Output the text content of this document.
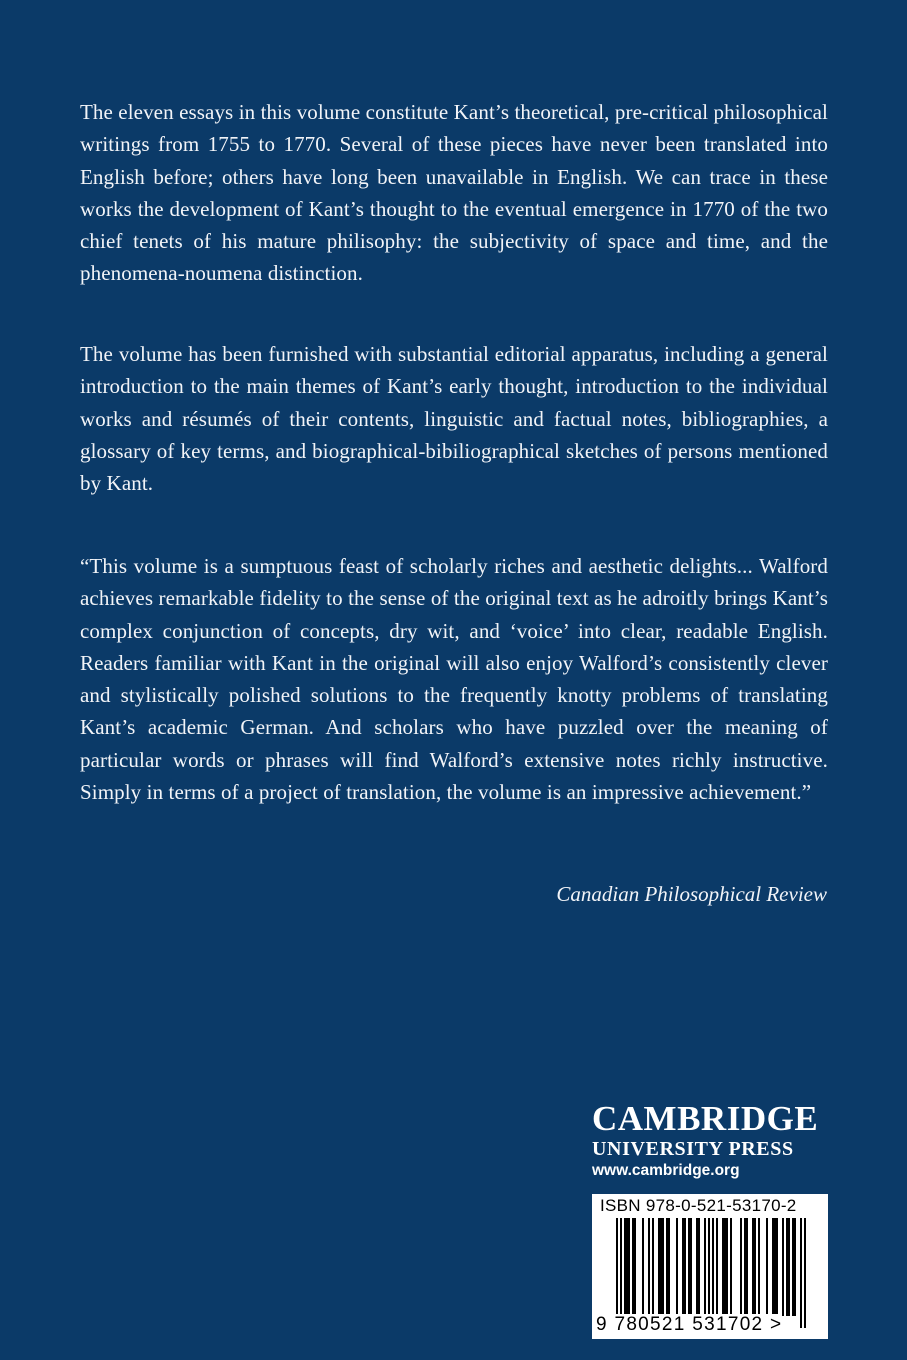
The eleven essays in this volume constitute Kant’s theoretical, pre-critical philosophical writings from 1755 to 1770. Several of these pieces have never been translated into English before; others have long been unavailable in English. We can trace in these works the development of Kant’s thought to the eventual emergence in 1770 of the two chief tenets of his mature philisophy: the subjectivity of space and time, and the phenomena-noumena distinction.

The volume has been furnished with substantial editorial apparatus, including a general introduction to the main themes of Kant’s early thought, introduction to the individual works and résumés of their contents, linguistic and factual notes, bibliographies, a glossary of key terms, and biographical-bibiliographical sketches of persons mentioned by Kant.

“This volume is a sumptuous feast of scholarly riches and aesthetic delights... Walford achieves remarkable fidelity to the sense of the original text as he adroitly brings Kant’s complex conjunction of concepts, dry wit, and ‘voice’ into clear, readable English. Readers familiar with Kant in the original will also enjoy Walford’s consistently clever and stylistically polished solutions to the frequently knotty problems of translating Kant’s academic German. And scholars who have puzzled over the meaning of particular words or phrases will find Walford’s extensive notes richly instructive. Simply in terms of a project of translation, the volume is an impressive achievement.”

Canadian Philosophical Review

CAMBRIDGE
UNIVERSITY PRESS
www.cambridge.org
ISBN 978-0-521-53170-2
9 780521 531702 >
